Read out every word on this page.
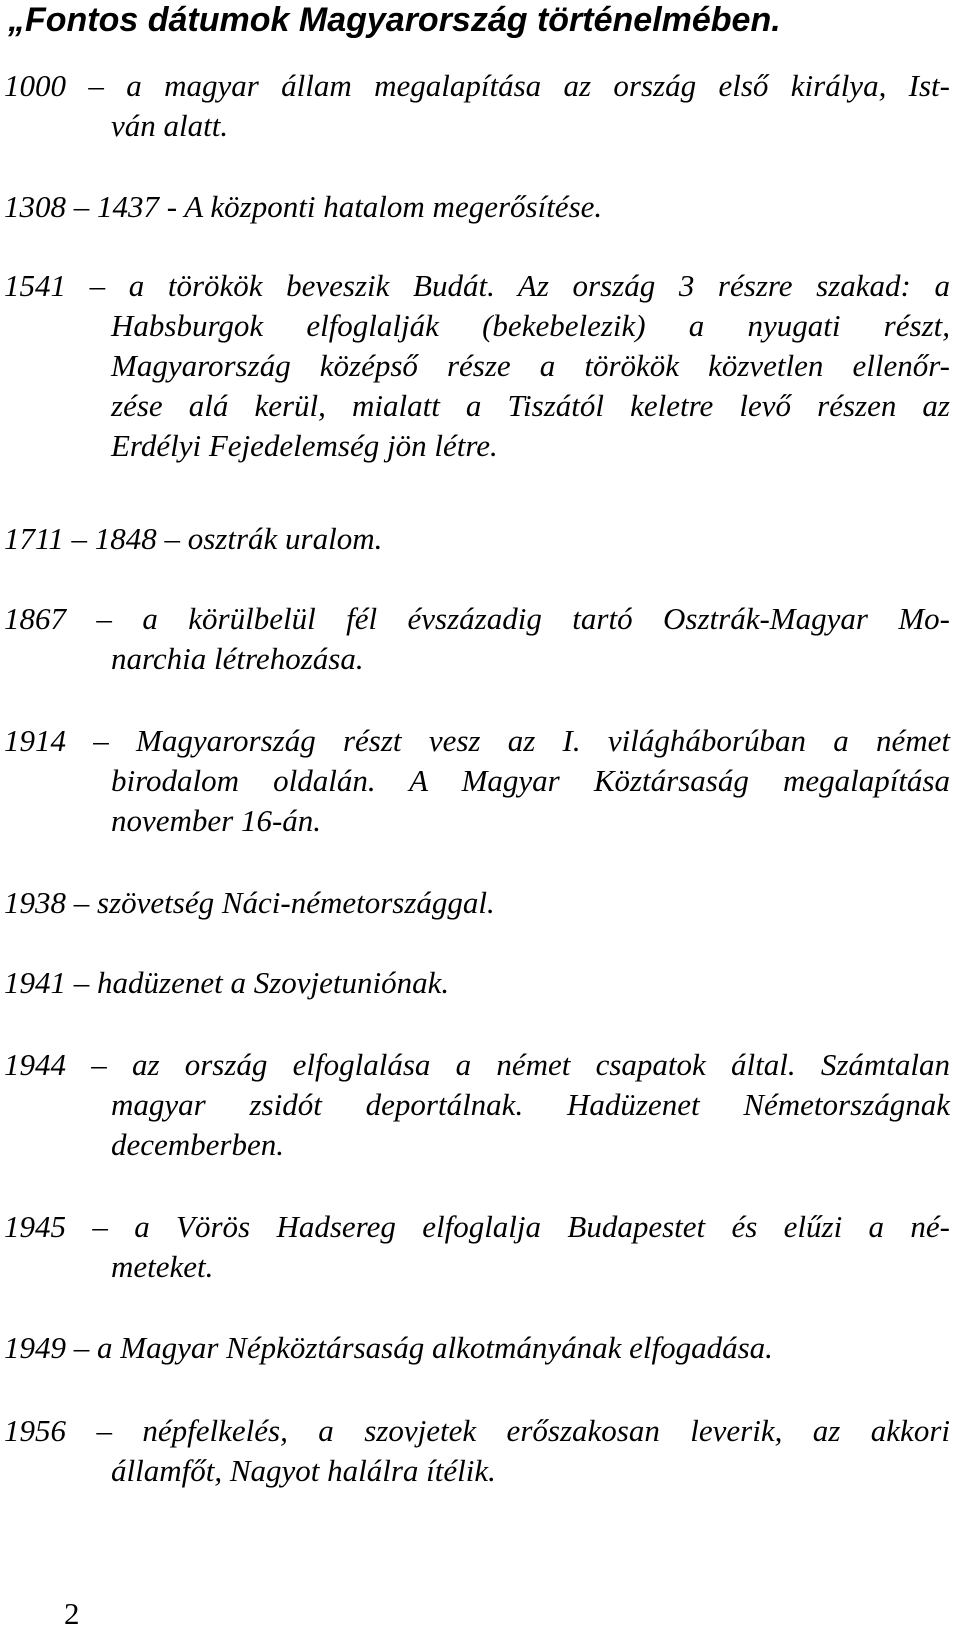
„Fontos dátumok Magyarország történelmében.
1000 – a magyar állam megalapítása az ország első királya, Ist-
ván alatt.
1308 – 1437 - A központi hatalom megerősítése.
1541 – a törökök beveszik Budát. Az ország 3 részre szakad: a
Habsburgok elfoglalják (bekebelezik) a nyugati részt,
Magyarország középső része a törökök közvetlen ellenőr-
zése alá kerül, mialatt a Tiszától keletre levő részen az
Erdélyi Fejedelemség jön létre.
1711 – 1848 – osztrák uralom.
1867 – a körülbelül fél évszázadig tartó Osztrák-Magyar Mo-
narchia létrehozása.
1914 – Magyarország részt vesz az I. világháborúban a német
birodalom oldalán. A Magyar Köztársaság megalapítása
november 16-án.
1938 – szövetség Náci-németországgal.
1941 – hadüzenet a Szovjetuniónak.
1944 – az ország elfoglalása a német csapatok által. Számtalan
magyar zsidót deportálnak. Hadüzenet Németországnak
decemberben.
1945 – a Vörös Hadsereg elfoglalja Budapestet és elűzi a né-
meteket.
1949 – a Magyar Népköztársaság alkotmányának elfogadása.
1956 – népfelkelés, a szovjetek erőszakosan leverik, az akkori
államfőt, Nagyot halálra ítélik.
2
